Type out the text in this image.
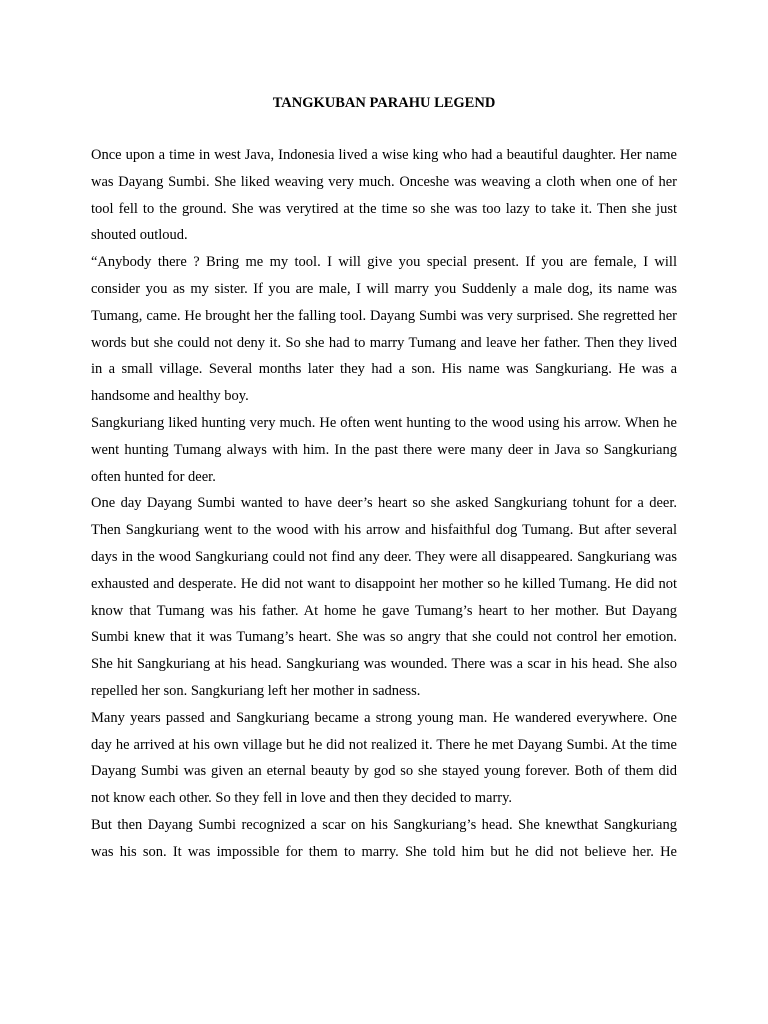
TANGKUBAN PARAHU LEGEND

Once upon a time in west Java, Indonesia lived a wise king who had a beautiful daughter. Her name was Dayang Sumbi. She liked weaving very much. Onceshe was weaving a cloth when one of her tool fell to the ground. She was verytired at the time so she was too lazy to take it. Then she just shouted outloud.

“Anybody there ? Bring me my tool. I will give you special present. If you are female, I will consider you as my sister. If you are male, I will marry you Suddenly a male dog, its name was Tumang, came. He brought her the falling tool. Dayang Sumbi was very surprised. She regretted her words but she could not deny it. So she had to marry Tumang and leave her father. Then they lived in a small village. Several months later they had a son. His name was Sangkuriang. He was a handsome and healthy boy.

Sangkuriang liked hunting very much. He often went hunting to the wood using his arrow. When he went hunting Tumang always with him. In the past there were many deer in Java so Sangkuriang often hunted for deer.

One day Dayang Sumbi wanted to have deer’s heart so she asked Sangkuriang tohunt for a deer. Then Sangkuriang went to the wood with his arrow and hisfaithful dog Tumang. But after several days in the wood Sangkuriang could not find any deer. They were all disappeared. Sangkuriang was exhausted and desperate. He did not want to disappoint her mother so he killed Tumang. He did not know that Tumang was his father. At home he gave Tumang’s heart to her mother. But Dayang Sumbi knew that it was Tumang’s heart. She was so angry that she could not control her emotion. She hit Sangkuriang at his head. Sangkuriang was wounded. There was a scar in his head. She also repelled her son. Sangkuriang left her mother in sadness.

Many years passed and Sangkuriang became a strong young man. He wandered everywhere. One day he arrived at his own village but he did not realized it. There he met Dayang Sumbi. At the time Dayang Sumbi was given an eternal beauty by god so she stayed young forever. Both of them did not know each other. So they fell in love and then they decided to marry.

But then Dayang Sumbi recognized a scar on his Sangkuriang’s head. She knewthat Sangkuriang was his son. It was impossible for them to marry. She told him but he did not believe her. He
